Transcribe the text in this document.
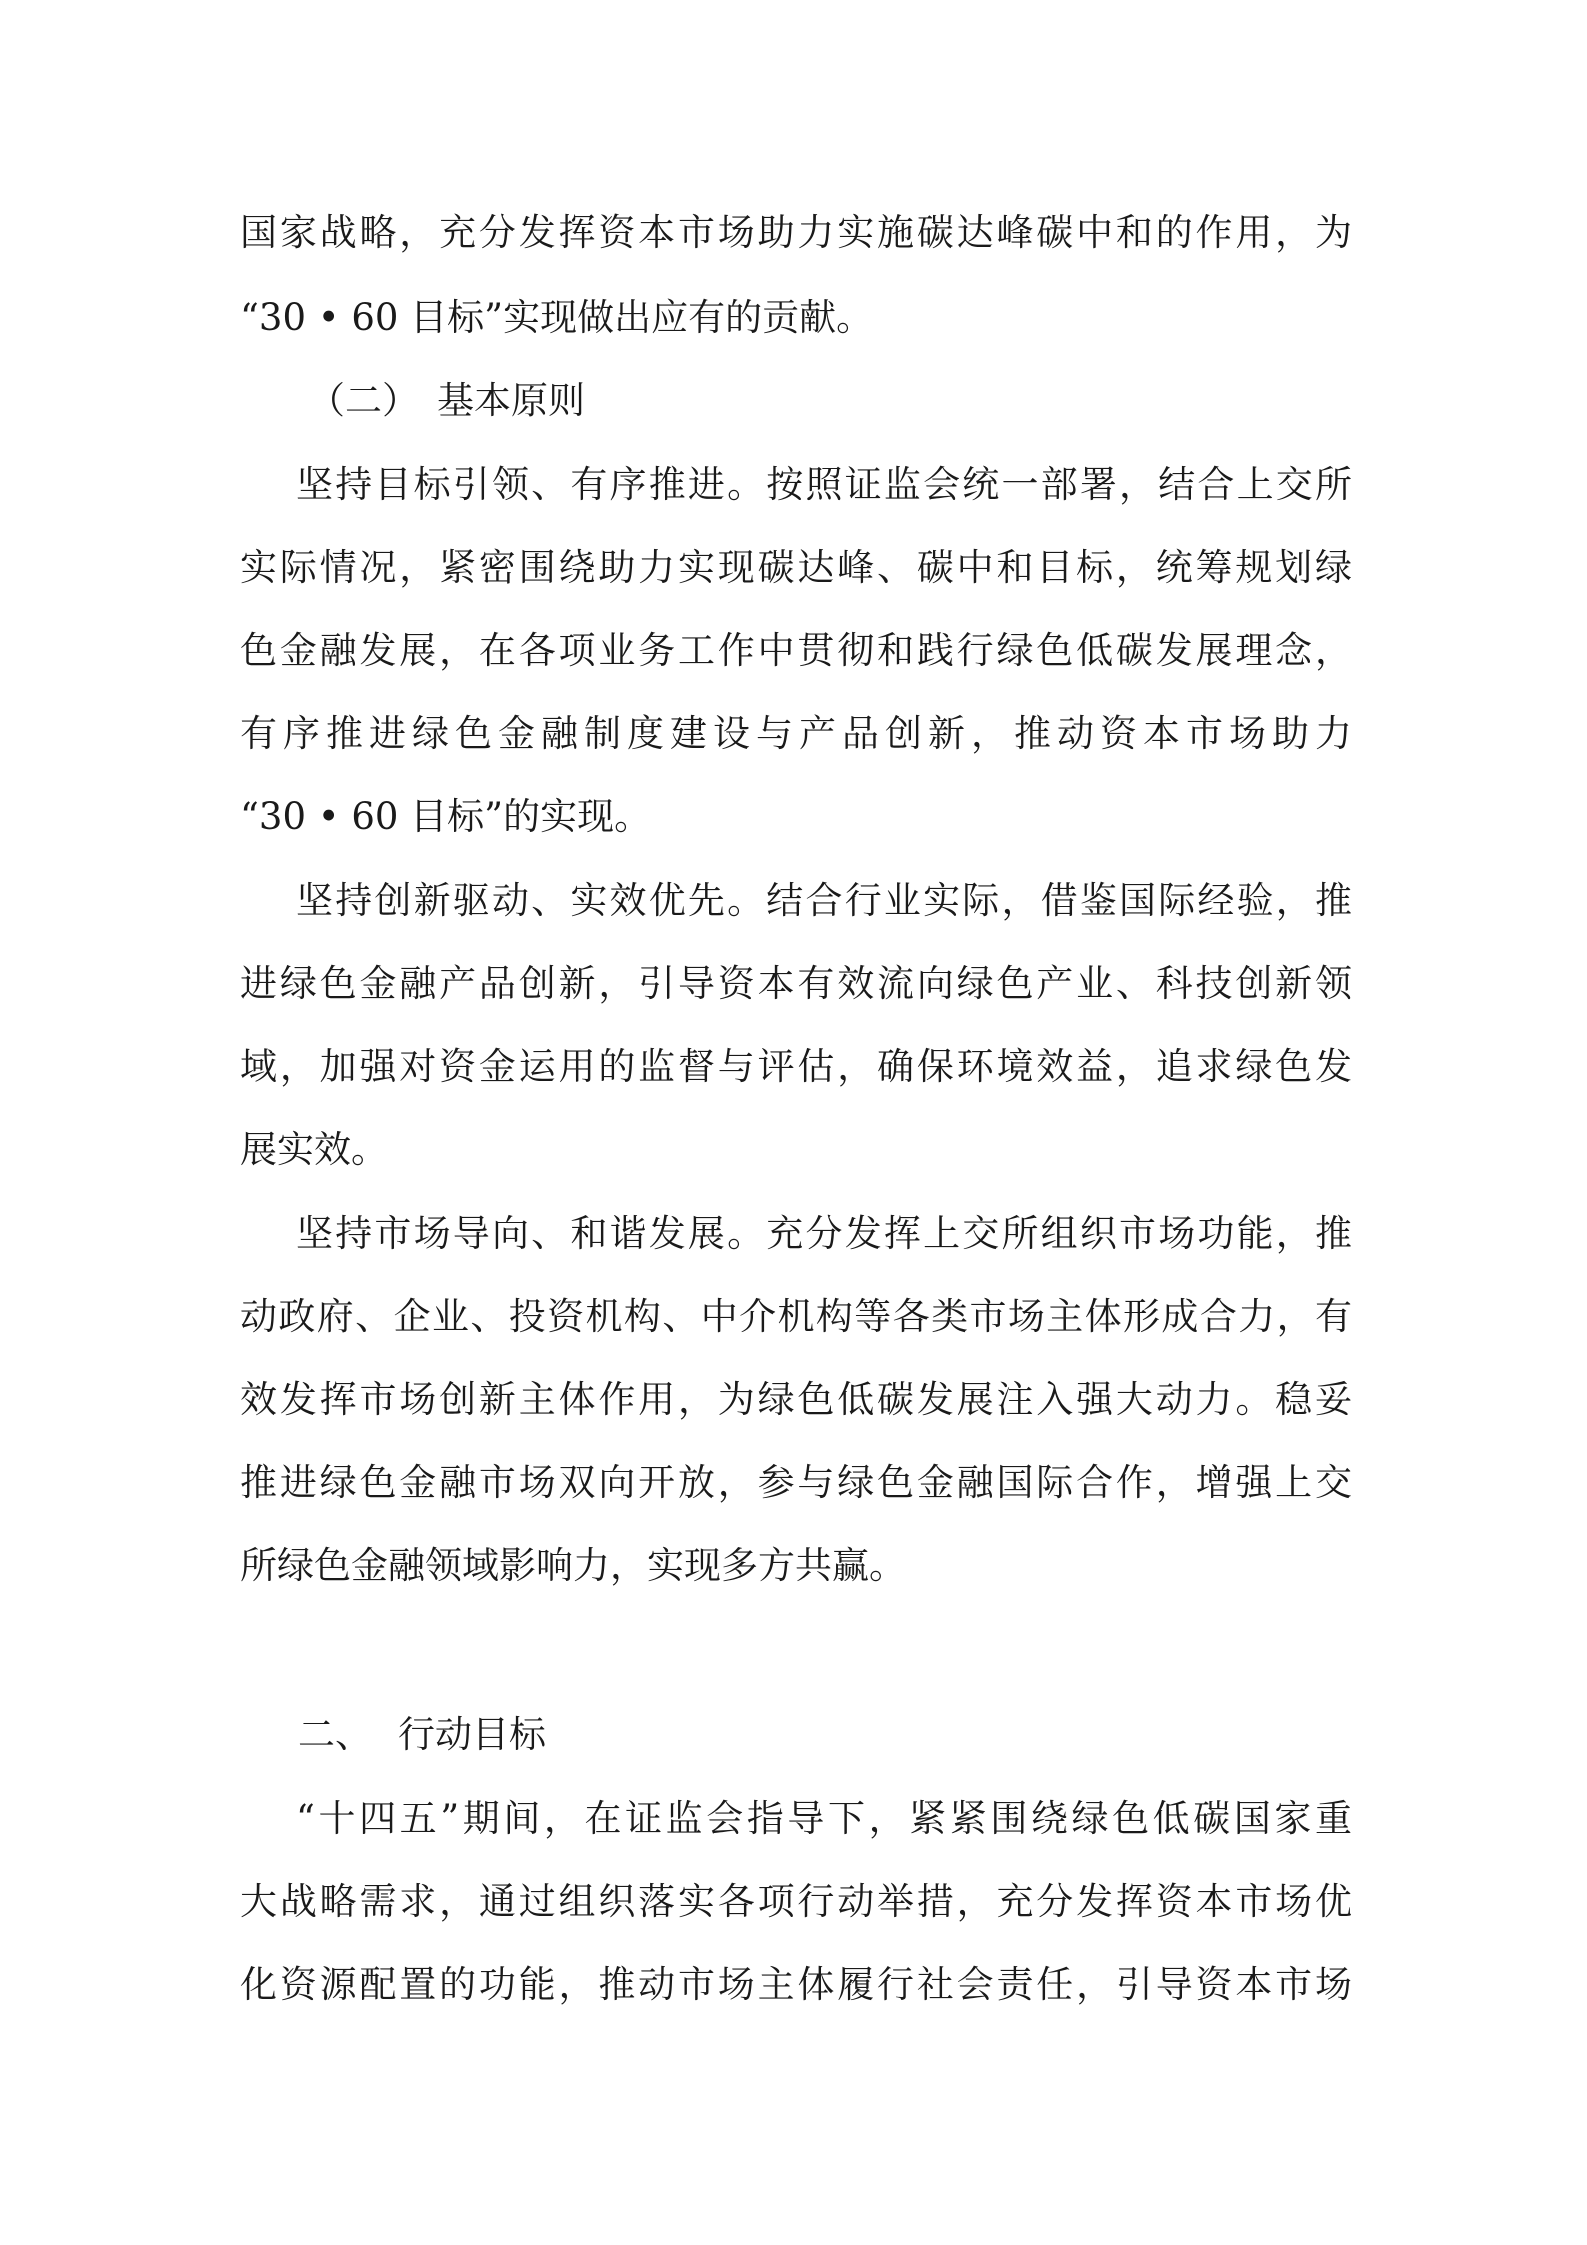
国家战略，充分发挥资本市场助力实施碳达峰碳中和的作用，为
“30 • 60 目标”实现做出应有的贡献。
（二） 基本原则
坚持目标引领、有序推进。按照证监会统一部署，结合上交所
实际情况，紧密围绕助力实现碳达峰、碳中和目标，统筹规划绿
色金融发展，在各项业务工作中贯彻和践行绿色低碳发展理念，
有序推进绿色金融制度建设与产品创新，推动资本市场助力
“30 • 60 目标”的实现。
坚持创新驱动、实效优先。结合行业实际，借鉴国际经验，推
进绿色金融产品创新，引导资本有效流向绿色产业、科技创新领
域，加强对资金运用的监督与评估，确保环境效益，追求绿色发
展实效。
坚持市场导向、和谐发展。充分发挥上交所组织市场功能，推
动政府、企业、投资机构、中介机构等各类市场主体形成合力，有
效发挥市场创新主体作用，为绿色低碳发展注入强大动力。稳妥
推进绿色金融市场双向开放，参与绿色金融国际合作，增强上交
所绿色金融领域影响力，实现多方共赢。
二、 行动目标
“十四五”期间，在证监会指导下，紧紧围绕绿色低碳国家重
大战略需求，通过组织落实各项行动举措，充分发挥资本市场优
化资源配置的功能，推动市场主体履行社会责任，引导资本市场
